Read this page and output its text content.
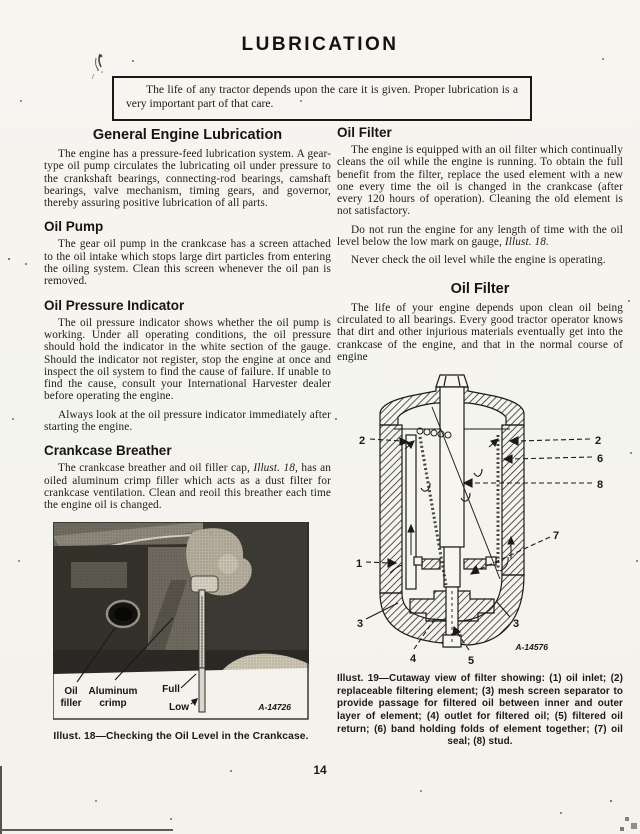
LUBRICATION

The life of any tractor depends upon the care it is given. Proper lubrication is a very important part of that care.

General Engine Lubrication

The engine has a pressure-feed lubrication system. A gear-type oil pump circulates the lubricating oil under pressure to the crankshaft bearings, connecting-rod bearings, camshaft bearings, valve mechanism, timing gears, and governor, thereby assuring positive lubrication of all parts.

Oil Pump

The gear oil pump in the crankcase has a screen attached to the oil intake which stops large dirt particles from entering the oiling system. Clean this screen whenever the oil pan is removed.

Oil Pressure Indicator

The oil pressure indicator shows whether the oil pump is working. Under all operating conditions, the oil pressure should hold the indicator in the white section of the gauge. Should the indicator not register, stop the engine at once and inspect the oil system to find the cause of failure. If unable to find the cause, consult your International Harvester dealer before operating the engine.

Always look at the oil pressure indicator immediately after starting the engine.

Crankcase Breather

The crankcase breather and oil filler cap, Illust. 18, has an oiled aluminum crimp filler which acts as a dust filter for crankcase ventilation. Clean and reoil this breather each time the engine oil is changed.

Oil
filler
Aluminum
crimp
Full
Low	A-14726
Illust. 18—Checking the Oil Level in the Crankcase.
Oil Filter

The engine is equipped with an oil filter which continually cleans the oil while the engine is running. To obtain the full benefit from the filter, replace the used element with a new one every time the oil is changed in the crankcase (after every 120 hours of operation). Cleaning the old element is not satisfactory.

Do not run the engine for any length of time with the oil level below the low mark on gauge, Illust. 18.

Never check the oil level while the engine is operating.

Oil Filter

The life of your engine depends upon clean oil being circulated to all bearings. Every good tractor operator knows that dirt and other injurious materials eventually get into the crankcase of the engine, and that in the normal course of engine

2	2
6
8
7
1
3	3
4	5
A-14576
Illust. 19—Cutaway view of filter showing: (1) oil inlet; (2) replaceable filtering element; (3) mesh screen separator to provide passage for filtered oil between inner and outer layer of element; (4) outlet for filtered oil; (5) filtered oil return; (6) band holding folds of element together; (7) oil seal; (8) stud.
14
